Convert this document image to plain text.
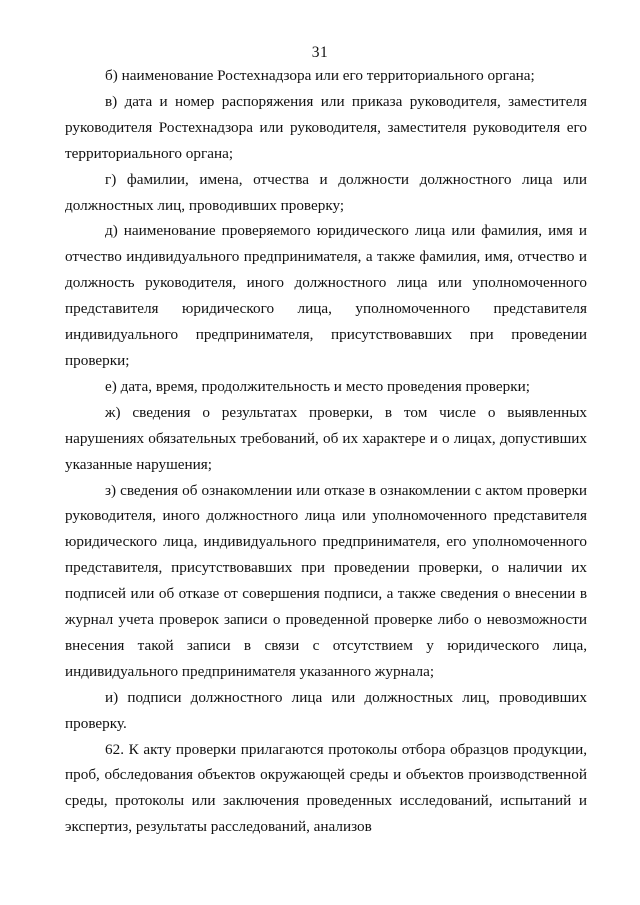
31

б) наименование Ростехнадзора или его территориального органа;

в) дата и номер распоряжения или приказа руководителя, заместителя руководителя Ростехнадзора или руководителя, заместителя руководителя его территориального органа;

г) фамилии, имена, отчества и должности должностного лица или должностных лиц, проводивших проверку;

д) наименование проверяемого юридического лица или фамилия, имя и отчество индивидуального предпринимателя, а также фамилия, имя, отчество и должность руководителя, иного должностного лица или уполномоченного представителя юридического лица, уполномоченного представителя индивидуального предпринимателя, присутствовавших при проведении проверки;

е) дата, время, продолжительность и место проведения проверки;

ж) сведения о результатах проверки, в том числе о выявленных нарушениях обязательных требований, об их характере и о лицах, допустивших указанные нарушения;

з) сведения об ознакомлении или отказе в ознакомлении с актом проверки руководителя, иного должностного лица или уполномоченного представителя юридического лица, индивидуального предпринимателя, его уполномоченного представителя, присутствовавших при проведении проверки, о наличии их подписей или об отказе от совершения подписи, а также сведения о внесении в журнал учета проверок записи о проведенной проверке либо о невозможности внесения такой записи в связи с отсутствием у юридического лица, индивидуального предпринимателя указанного журнала;

и) подписи должностного лица или должностных лиц, проводивших проверку.

62. К акту проверки прилагаются протоколы отбора образцов продукции, проб, обследования объектов окружающей среды и объектов производственной среды, протоколы или заключения проведенных исследований, испытаний и экспертиз, результаты расследований, анализов
